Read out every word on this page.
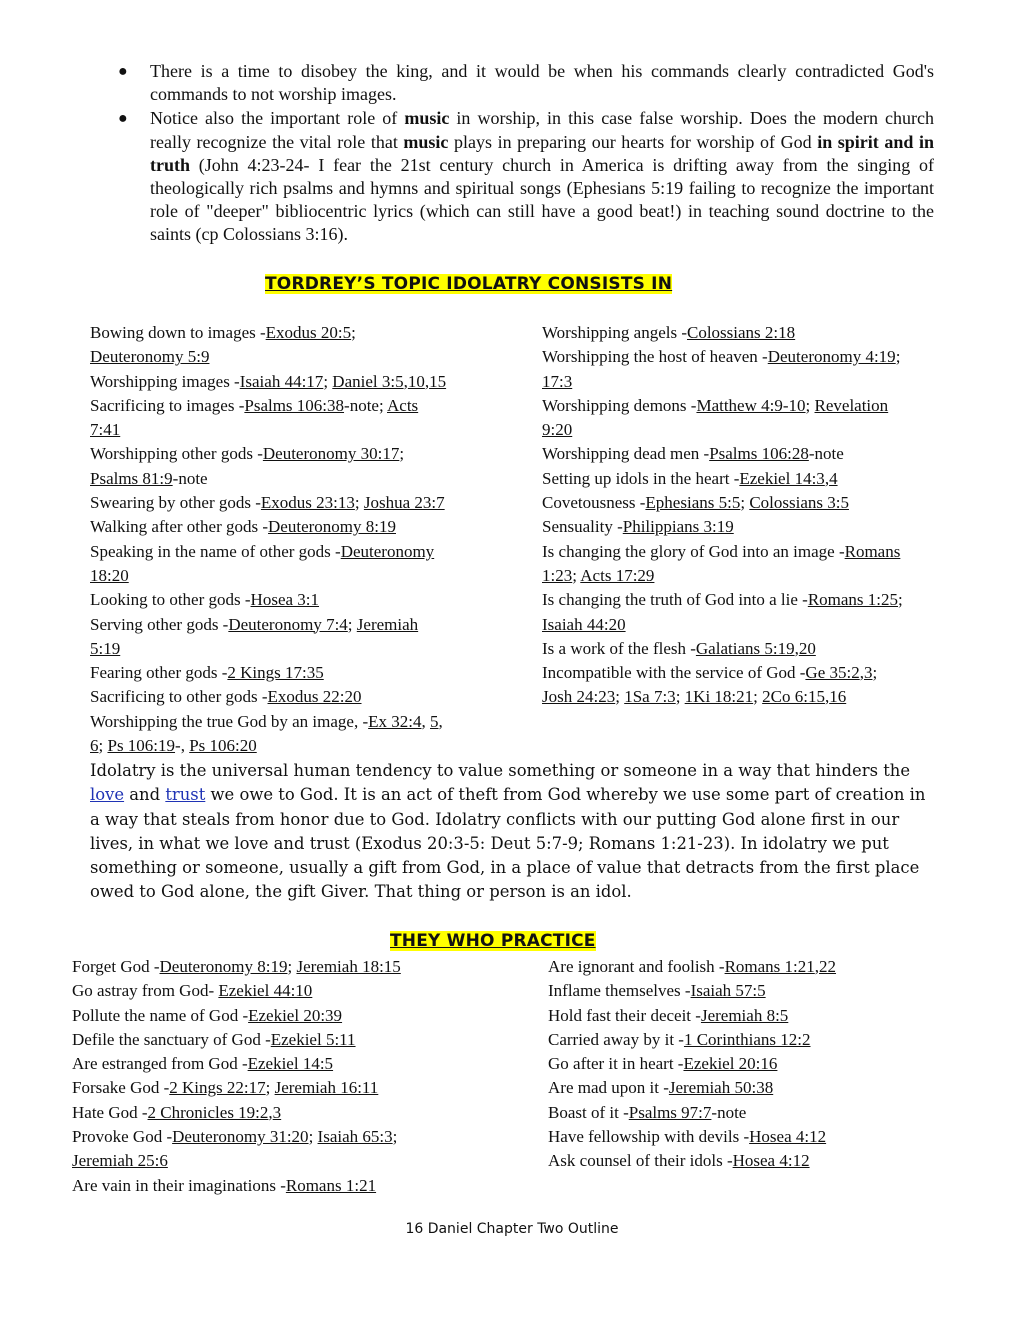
● There is a time to disobey the king, and it would be when his commands clearly contradicted God's commands to not worship images.
● Notice also the important role of music in worship, in this case false worship. Does the modern church really recognize the vital role that music plays in preparing our hearts for worship of God in spirit and in truth (John 4:23-24- I fear the 21st century church in America is drifting away from the singing of theologically rich psalms and hymns and spiritual songs (Ephesians 5:19 failing to recognize the important role of "deeper" bibliocentric lyrics (which can still have a good beat!) in teaching sound doctrine to the saints (cp Colossians 3:16).
TORDREY’S TOPIC IDOLATRY CONSISTS IN
Bowing down to images -Exodus 20:5;
Deuteronomy 5:9
Worshipping images -Isaiah 44:17; Daniel 3:5,10,15
Sacrificing to images -Psalms 106:38-note; Acts
7:41
Worshipping other gods -Deuteronomy 30:17;
Psalms 81:9-note
Swearing by other gods -Exodus 23:13; Joshua 23:7
Walking after other gods -Deuteronomy 8:19
Speaking in the name of other gods -Deuteronomy
18:20
Looking to other gods -Hosea 3:1
Serving other gods -Deuteronomy 7:4; Jeremiah
5:19
Fearing other gods -2 Kings 17:35
Sacrificing to other gods -Exodus 22:20
Worshipping the true God by an image, -Ex 32:4, 5,
6; Ps 106:19-, Ps 106:20
Worshipping angels -Colossians 2:18
Worshipping the host of heaven -Deuteronomy 4:19;
17:3
Worshipping demons -Matthew 4:9-10; Revelation
9:20
Worshipping dead men -Psalms 106:28-note
Setting up idols in the heart -Ezekiel 14:3,4
Covetousness -Ephesians 5:5; Colossians 3:5
Sensuality -Philippians 3:19
Is changing the glory of God into an image -Romans
1:23; Acts 17:29
Is changing the truth of God into a lie -Romans 1:25;
Isaiah 44:20
Is a work of the flesh -Galatians 5:19,20
Incompatible with the service of God -Ge 35:2,3;
Josh 24:23; 1Sa 7:3; 1Ki 18:21; 2Co 6:15,16
Idolatry is the universal human tendency to value something or someone in a way that hinders the love and trust we owe to God. It is an act of theft from God whereby we use some part of creation in a way that steals from honor due to God. Idolatry conflicts with our putting God alone first in our lives, in what we love and trust (Exodus 20:3-5: Deut 5:7-9; Romans 1:21-23). In idolatry we put something or someone, usually a gift from God, in a place of value that detracts from the first place owed to God alone, the gift Giver. That thing or person is an idol.
THEY WHO PRACTICE
Forget God -Deuteronomy 8:19; Jeremiah 18:15
Go astray from God- Ezekiel 44:10
Pollute the name of God -Ezekiel 20:39
Defile the sanctuary of God -Ezekiel 5:11
Are estranged from God -Ezekiel 14:5
Forsake God -2 Kings 22:17; Jeremiah 16:11
Hate God -2 Chronicles 19:2,3
Provoke God -Deuteronomy 31:20; Isaiah 65:3;
Jeremiah 25:6
Are vain in their imaginations -Romans 1:21
Are ignorant and foolish -Romans 1:21,22
Inflame themselves -Isaiah 57:5
Hold fast their deceit -Jeremiah 8:5
Carried away by it -1 Corinthians 12:2
Go after it in heart -Ezekiel 20:16
Are mad upon it -Jeremiah 50:38
Boast of it -Psalms 97:7-note
Have fellowship with devils -Hosea 4:12
Ask counsel of their idols -Hosea 4:12
16 Daniel Chapter Two Outline
